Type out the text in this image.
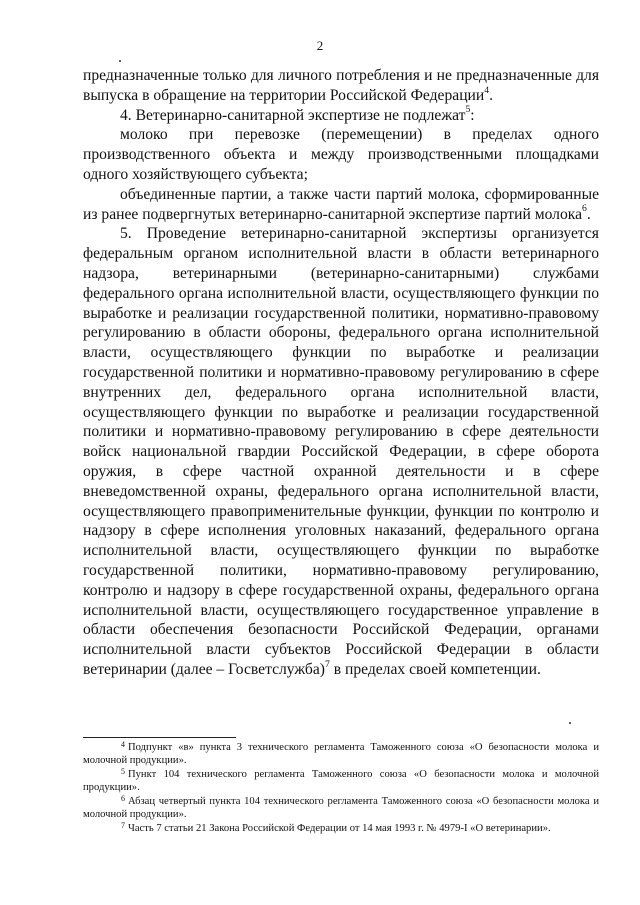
2

предназначенные только для личного потребления и не предназначенные для выпуска в обращение на территории Российской Федерации$^4$.

4. Ветеринарно-санитарной экспертизе не подлежат$^5$:

молоко при перевозке (перемещении) в пределах одного производственного объекта и между производственными площадками одного хозяйствующего субъекта;

объединенные партии, а также части партий молока, сформированные из ранее подвергнутых ветеринарно-санитарной экспертизе партий молока$^6$.

5. Проведение ветеринарно-санитарной экспертизы организуется федеральным органом исполнительной власти в области ветеринарного надзора, ветеринарными (ветеринарно-санитарными) службами федерального органа исполнительной власти, осуществляющего функции по выработке и реализации государственной политики, нормативно-правовому регулированию в области обороны, федерального органа исполнительной власти, осуществляющего функции по выработке и реализации государственной политики и нормативно-правовому регулированию в сфере внутренних дел, федерального органа исполнительной власти, осуществляющего функции по выработке и реализации государственной политики и нормативно-правовому регулированию в сфере деятельности войск национальной гвардии Российской Федерации, в сфере оборота оружия, в сфере частной охранной деятельности и в сфере вневедомственной охраны, федерального органа исполнительной власти, осуществляющего правоприменительные функции, функции по контролю и надзору в сфере исполнения уголовных наказаний, федерального органа исполнительной власти, осуществляющего функции по выработке государственной политики, нормативно-правовому регулированию, контролю и надзору в сфере государственной охраны, федерального органа исполнительной власти, осуществляющего государственное управление в области обеспечения безопасности Российской Федерации, органами исполнительной власти субъектов Российской Федерации в области ветеринарии (далее – Госветслужба)$^7$ в пределах своей компетенции.

$^4$ Подпункт «в» пункта 3 технического регламента Таможенного союза «О безопасности молока и молочной продукции».

$^5$ Пункт 104 технического регламента Таможенного союза «О безопасности молока и молочной продукции».

$^6$ Абзац четвертый пункта 104 технического регламента Таможенного союза «О безопасности молока и молочной продукции».

$^7$ Часть 7 статьи 21 Закона Российской Федерации от 14 мая 1993 г. № 4979-I «О ветеринарии».
